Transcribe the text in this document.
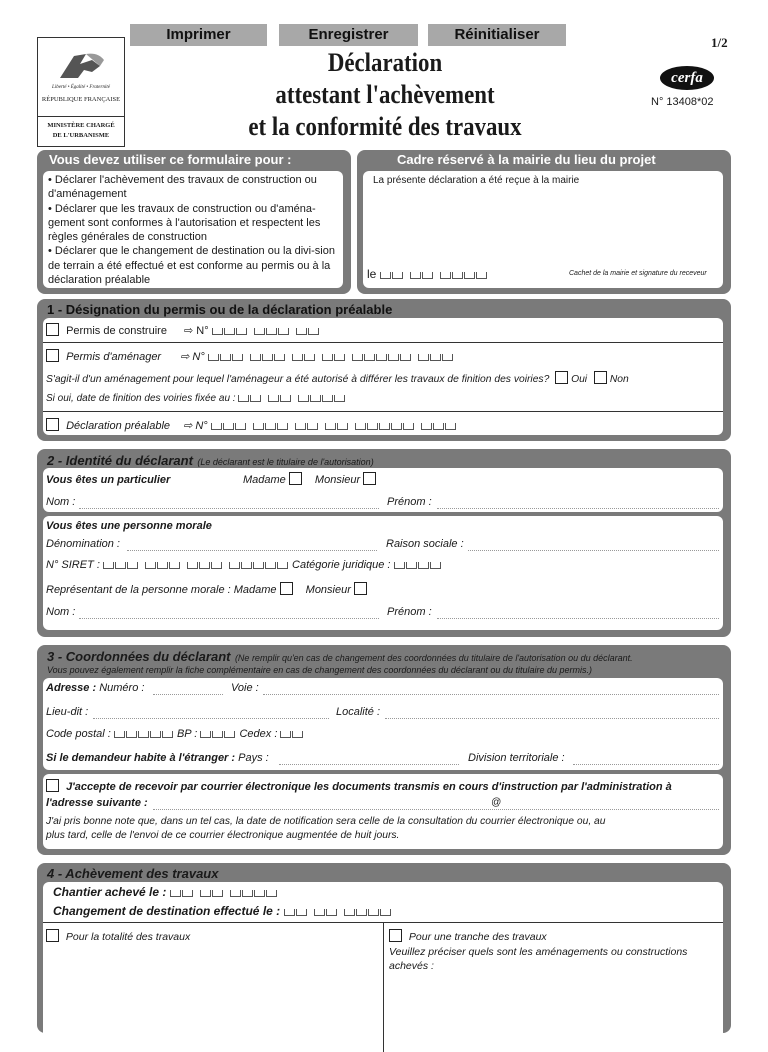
Imprimer	Enregistrer	Réinitialiser	1/2
Liberté • Égalité • Fraternité
RÉPUBLIQUE FRANÇAISE
MINISTÈRE CHARGÉ
DE L'URBANISME
Déclaration
attestant l'achèvement
et la conformité des travaux
cerfa
N° 13408*02
Vous devez utiliser ce formulaire pour :
• Déclarer l'achèvement des travaux de construction ou d'aménagement
• Déclarer que les travaux de construction ou d'aména-gement sont conformes à l'autorisation et respectent les règles générales de construction
• Déclarer que le changement de destination ou la divi-sion de terrain a été effectué et est conforme au permis ou à la déclaration préalable
Cadre réservé à la mairie du lieu du projet
La présente déclaration a été reçue à la mairie
le	Cachet de la mairie et signature du receveur
1 - Désignation du permis ou de la déclaration préalable
Permis de construire ⇨ N°
Permis d'aménager ⇨ N°
S'agit-il d'un aménagement pour lequel l'aménageur a été autorisé à différer les travaux de finition des voiries? Oui Non
Si oui, date de finition des voiries fixée au :
Déclaration préalable ⇨ N°
2 - Identité du déclarant (Le déclarant est le titulaire de l'autorisation)
Vous êtes un particulier	Madame	Monsieur
Nom :	Prénom :
Vous êtes une personne morale
Dénomination :	Raison sociale :
N° SIRET :	Catégorie juridique :
Représentant de la personne morale : Madame	Monsieur
Nom :	Prénom :
3 - Coordonnées du déclarant (Ne remplir qu'en cas de changement des coordonnées du titulaire de l'autorisation ou du déclarant.
Vous pouvez également remplir la fiche complémentaire en cas de changement des coordonnées du déclarant ou du titulaire du permis.)
Adresse : Numéro :	Voie :
Lieu-dit :	Localité :
Code postal :	BP :	Cedex :
Si le demandeur habite à l'étranger : Pays :	Division territoriale :
J'accepte de recevoir par courrier électronique les documents transmis en cours d'instruction par l'administration à
l'adresse suivante :	@
J'ai pris bonne note que, dans un tel cas, la date de notification sera celle de la consultation du courrier électronique ou, au
plus tard, celle de l'envoi de ce courrier électronique augmentée de huit jours.
4 - Achèvement des travaux
Chantier achevé le :
Changement de destination effectué le :
Pour la totalité des travaux	Pour une tranche des travaux
Veuillez préciser quels sont les aménagements ou constructions achevés :
